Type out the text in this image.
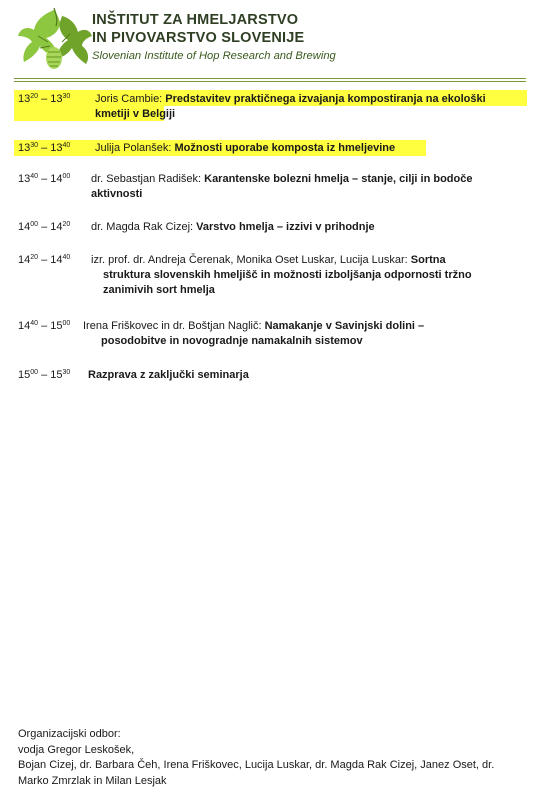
INŠTITUT ZA HMELJARSTVO
IN PIVOVARSTVO SLOVENIJE
Slovenian Institute of Hop Research and Brewing
$13^{20} - 13^{30}$ Joris Cambie: Predstavitev praktičnega izvajanja kompostiranja na ekološki
kmetiji v Belgiji
$13^{30} - 13^{40}$ Julija Polanšek: Možnosti uporabe komposta iz hmeljevine
$13^{40} - 14^{00}$ dr. Sebastjan Radišek: Karantenske bolezni hmelja – stanje, cilji in bodoče
aktivnosti
$14^{00} - 14^{20}$ dr. Magda Rak Cizej: Varstvo hmelja – izzivi v prihodnje
$14^{20} - 14^{40}$ izr. prof. dr. Andreja Čerenak, Monika Oset Luskar, Lucija Luskar: Sortna
struktura slovenskih hmeljišč in možnosti izboljšanja odpornosti tržno
zanimivih sort hmelja
$14^{40} - 15^{00}$ Irena Friškovec in dr. Boštjan Naglič: Namakanje v Savinjski dolini –
posodobitve in novogradnje namakalnih sistemov
$15^{00} - 15^{30}$ Razprava z zaključki seminarja
Organizacijski odbor:
vodja Gregor Leskošek,
Bojan Cizej, dr. Barbara Čeh, Irena Friškovec, Lucija Luskar, dr. Magda Rak Cizej, Janez Oset, dr.
Marko Zmrzlak in Milan Lesjak
